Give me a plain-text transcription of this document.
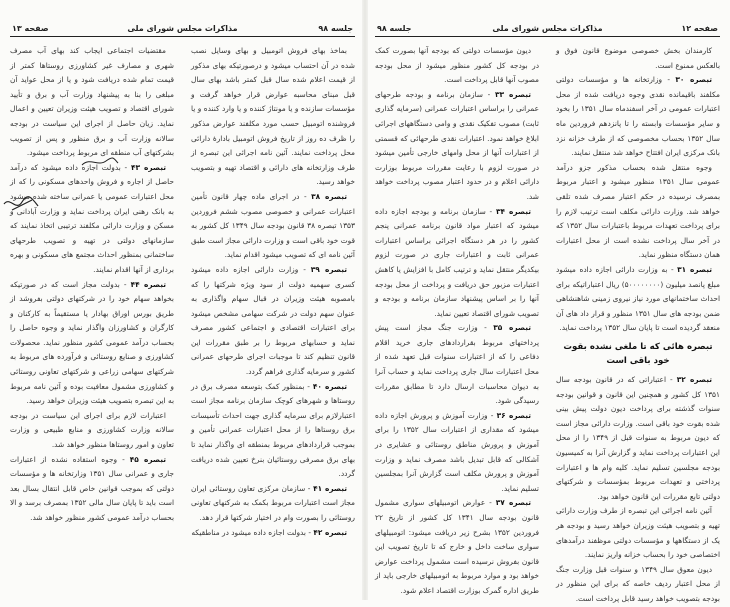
جلسه ۹۸
مذاکرات مجلس شورای ملی
صفحه ۱۳

بماخذ بهای فروش اتومبیل و بهای وسایل نصب شده در آن احتساب میشود و درصورتیکه بهای مذکور از قیمت اعلام شده سال قبل کمتر باشد بهای سال قبل مبنای محاسبه عوارض قرار خواهد گرفت و مؤسسات سازنده و یا مونتاژ کننده و یا وارد کننده و یا فروشنده اتومبیل حسب مورد مکلفند عوارض مذکور را ظرف ده روز از تاریخ فروش اتومبیل بادارهٔ دارائی محل پرداخت نمایند. آئین نامه اجرائی این تبصره از طرف وزارتخانه های دارائی و اقتصاد تهیه و بتصویب خواهد رسید.

تبصره ۳۸ - در اجرای ماده چهار قانون تأمین اعتبارات عمرانی و خصوصی مصوب ششم فروردین ۱۳۵۳ تبصره ۳۸ قانون بودجه سال ۱۳۴۹ کل کشور به قوت خود باقی است و وزارت دارائی مجاز است طبق آئین نامه ای که تصویب میشود اقدام نماید.

تبصره ۳۹ - وزارت دارائی اجازه داده میشود کسری سهمیه دولت از سود ویژه شرکتها را که بامصوبه هیئت وزیران در قبال سهام واگذاری به عنوان سهم دولت در شرکت سهامی مشخص میشود برای اعتبارات اقتصادی و اجتماعی کشور مصرف نماید و حسابهای مربوط را بر طبق مقررات این قانون تنظیم کند تا موجبات اجرای طرحهای عمرانی کشور و سرمایه گذاری فراهم گردد.

تبصره ۴۰ - بمنظور کمک بتوسعه مصرف برق در روستاها و شهرهای کوچک سازمان برنامه مجاز است اعتبارلازم برای سرمایه گذاری جهت احداث تأسیسات برق روستاها را از محل اعتبارات عمرانی تأمین و بموجب قراردادهای مربوط بمنطقه ای واگذار نماید تا بهای برق مصرفی روستائیان بنرخ تعیین شده دریافت گردد.

تبصره ۴۱ - سازمان مرکزی تعاون روستائی ایران مجاز است اعتبارات مربوط بکمک به شرکتهای تعاونی روستائی را بصورت وام در اختیار شرکتها قرار دهد.

تبصره ۴۲ - بدولت اجازه داده میشود در مناطقیکه

مقتضیات اجتماعی ایجاب کند بهای آب مصرف شهری و مصارف غیر کشاورزی روستاها کمتر از قیمت تمام شده دریافت شود و یا از محل عواید آن مبلغی را بنا به پیشنهاد وزارت آب و برق و تأیید شورای اقتصاد و تصویب هیئت وزیران تعیین و اعمال نماید. زیان حاصل از اجرای این سیاست در بودجه سالانه وزارت آب و برق منظور و پس از تصویب بشرکتهای آب منطقه ای مربوط پرداخت میشود.

تبصره ۴۳ - بدولت اجازه داده میشود که درآمد حاصل از اجاره و فروش واحدهای مسکونی را که از محل اعتبارات عمومی یا عمرانی ساخته شده میشود به بانک رهنی ایران پرداخت نماید و وزارت آبادانی و مسکن و وزارت دارائی مکلفند ترتیبی اتخاذ نمایند که سازمانهای دولتی در تهیه و تصویب طرحهای ساختمانی بمنظور احداث مجتمع های مسکونی و بهره برداری از آنها اقدام نمایند.

تبصره ۴۴ - بدولت مجاز است که در صورتیکه بخواهد سهام خود را در شرکتهای دولتی بفروشد از طریق بورس اوراق بهادار یا مستقیماً به کارکنان و کارگران و کشاورزان واگذار نماید و وجوه حاصل را بحساب درآمد عمومی کشور منظور نماید. محصولات کشاورزی و صنایع روستائی و فرآورده های مربوط به شرکتهای سهامی زراعی و شرکتهای تعاونی روستائی و کشاورزی مشمول معافیت بوده و آئین نامه مربوط به این تبصره بتصویب هیئت وزیران خواهد رسید.

اعتبارات لازم برای اجرای این سیاست در بودجه سالانه وزارت کشاورزی و منابع طبیعی و وزارت تعاون و امور روستاها منظور خواهد شد.

تبصره ۴۵ - وجوه استفاده نشده از اعتبارات جاری و عمرانی سال ۱۳۵۱ وزارتخانه ها و مؤسسات دولتی که بموجب قوانین خاص قابل انتقال بسال بعد است باید تا پایان سال مالی ۱۳۵۲ بمصرف برسد و الا بحساب درآمد عمومی کشور منظور خواهد شد.

صفحه ۱۲
مذاکرات مجلس شورای ملی
جلسه ۹۸

کارمندان بخش خصوصی موضوع قانون فوق و بالعکس ممنوع است.

تبصره ۳۰ - وزارتخانه ها و مؤسسات دولتی مکلفند باقیمانده نقدی وجوه دریافت شده از محل اعتبارات عمومی در آخر اسفندماه سال ۱۳۵۱ را بخود و سایر مؤسسات وابسته را تا پانزدهم فروردین ماه سال ۱۳۵۲ بحساب مخصوصی که از طرف خزانه نزد بانک مرکزی ایران افتتاح خواهد شد منتقل نمایند.

وجوه منتقل شده بحساب مذکور جزو درآمد عمومی سال ۱۳۵۱ منظور میشود و اعتبار مربوط بمصرف نرسیده در حکم اعتبار مصرف شده تلقی خواهد شد. وزارت دارائی مکلف است ترتیب لازم را برای پرداخت تعهدات مربوط باعتبارات سال ۱۳۵۲ که در آخر سال پرداخت نشده است از محل اعتبارات همان دستگاه منظور نماید.

تبصره ۳۱ - به وزارت دارائی اجازه داده میشود مبلغ پانصد میلیون (۵۰۰۰۰۰۰۰۰) ریال اعتباراتیکه برای احداث ساختمانهای مورد نیاز نیروی زمینی شاهنشاهی ضمن بودجه های سال ۱۳۵۱ منظور و قرار داد های آن منعقد گردیده است تا پایان سال ۱۳۵۲ پرداخت نماید.

تبصره هائی که تا ملغی نشده بقوت خود باقی است

تبصره ۳۲ - اعتباراتی که در قانون بودجه سال ۱۳۵۱ کل کشور و همچنین این قانون و قوانین بودجه سنوات گذشته برای پرداخت دیون دولت پیش بینی شده بقوت خود باقی است. وزارت دارائی مجاز است که دیون مربوط به سنوات قبل از ۱۳۴۹ را از محل این اعتبارات پرداخت نماید و گزارش آنرا به کمیسیون بودجه مجلسین تسلیم نماید. کلیه وام ها و اعتبارات پرداختی و تعهدات مربوط بمؤسسات و شرکتهای دولتی تابع مقررات این قانون خواهد بود.

آئین نامه اجرائی این تبصره از طرف وزارت دارائی تهیه و بتصویب هیئت وزیران خواهد رسید و بودجه هر یک از دستگاهها و مؤسسات دولتی موظفند درآمدهای اختصاصی خود را بحساب خزانه واریز نمایند.

دیون معوق سال ۱۳۴۹ و سنوات قبل وزارت جنگ از محل اعتبار ردیف خاصه که برای این منظور در بودجه بتصویب خواهد رسید قابل پرداخت است.

دیون مؤسسات دولتی که بودجه آنها بصورت کمک در بودجه کل کشور منظور میشود از محل بودجه مصوب آنها قابل پرداخت است.

تبصره ۳۳ - سازمان برنامه و بودجه طرحهای عمرانی را براساس اعتبارات عمرانی (سرمایه گذاری ثابت) مصوب تفکیک نقدی و وامی دستگاههای اجرائی ابلاغ خواهد نمود. اعتبارات نقدی طرحهائی که قسمتی از اعتبارات آنها از محل وامهای خارجی تأمین میشود در صورت لزوم با رعایت مقررات مربوط بوزارت دارائی اعلام و در حدود اعتبار مصوب پرداخت خواهد شد.

تبصره ۳۴ - سازمان برنامه و بودجه اجازه داده میشود که اعتبار مواد قانون برنامه عمرانی پنجم کشور را در هر دستگاه اجرائی براساس اعتبارات عمرانی ثابت و اعتبارات جاری در صورت لزوم بیکدیگر منتقل نماید و ترتیب کامل با افزایش یا کاهش اعتبارات مزبور حق دریافت و پرداخت از محل بودجه آنها را بر اساس پیشنهاد سازمان برنامه و بودجه و تصویب شورای اقتصاد تعیین نماید.

تبصره ۳۵ - وزارت جنگ مجاز است پیش پرداختهای مربوط بقراردادهای جاری خرید اقلام دفاعی را که از اعتبارات سنوات قبل تعهد شده از محل اعتبارات سال جاری پرداخت نماید و حساب آنرا به دیوان محاسبات ارسال دارد تا مطابق مقررات رسیدگی شود.

تبصره ۳۶ - وزارت آموزش و پرورش اجازه داده میشود که مقداری از اعتبارات سال ۱۳۵۲ را برای آموزش و پرورش مناطق روستائی و عشایری در آشکالی که قابل تبدیل باشد مصرف نماید و وزارت آموزش و پرورش مکلف است گزارش آنرا بمجلسین تسلیم نماید.

تبصره ۳۷ - عوارض اتومبیلهای سواری مشمول قانون بودجه سال ۱۳۴۱ کل کشور از تاریخ ۲۲ فروردین ۱۳۵۲ بشرح زیر دریافت میشود: اتومبیلهای سواری ساخت داخل و خارج که تا تاریخ تصویب این قانون بفروش نرسیده است مشمول پرداخت عوارض خواهد بود و موارد مربوط به اتومبیلهای خارجی باید از طریق اداره گمرک بوزارت اقتصاد اعلام شود.
